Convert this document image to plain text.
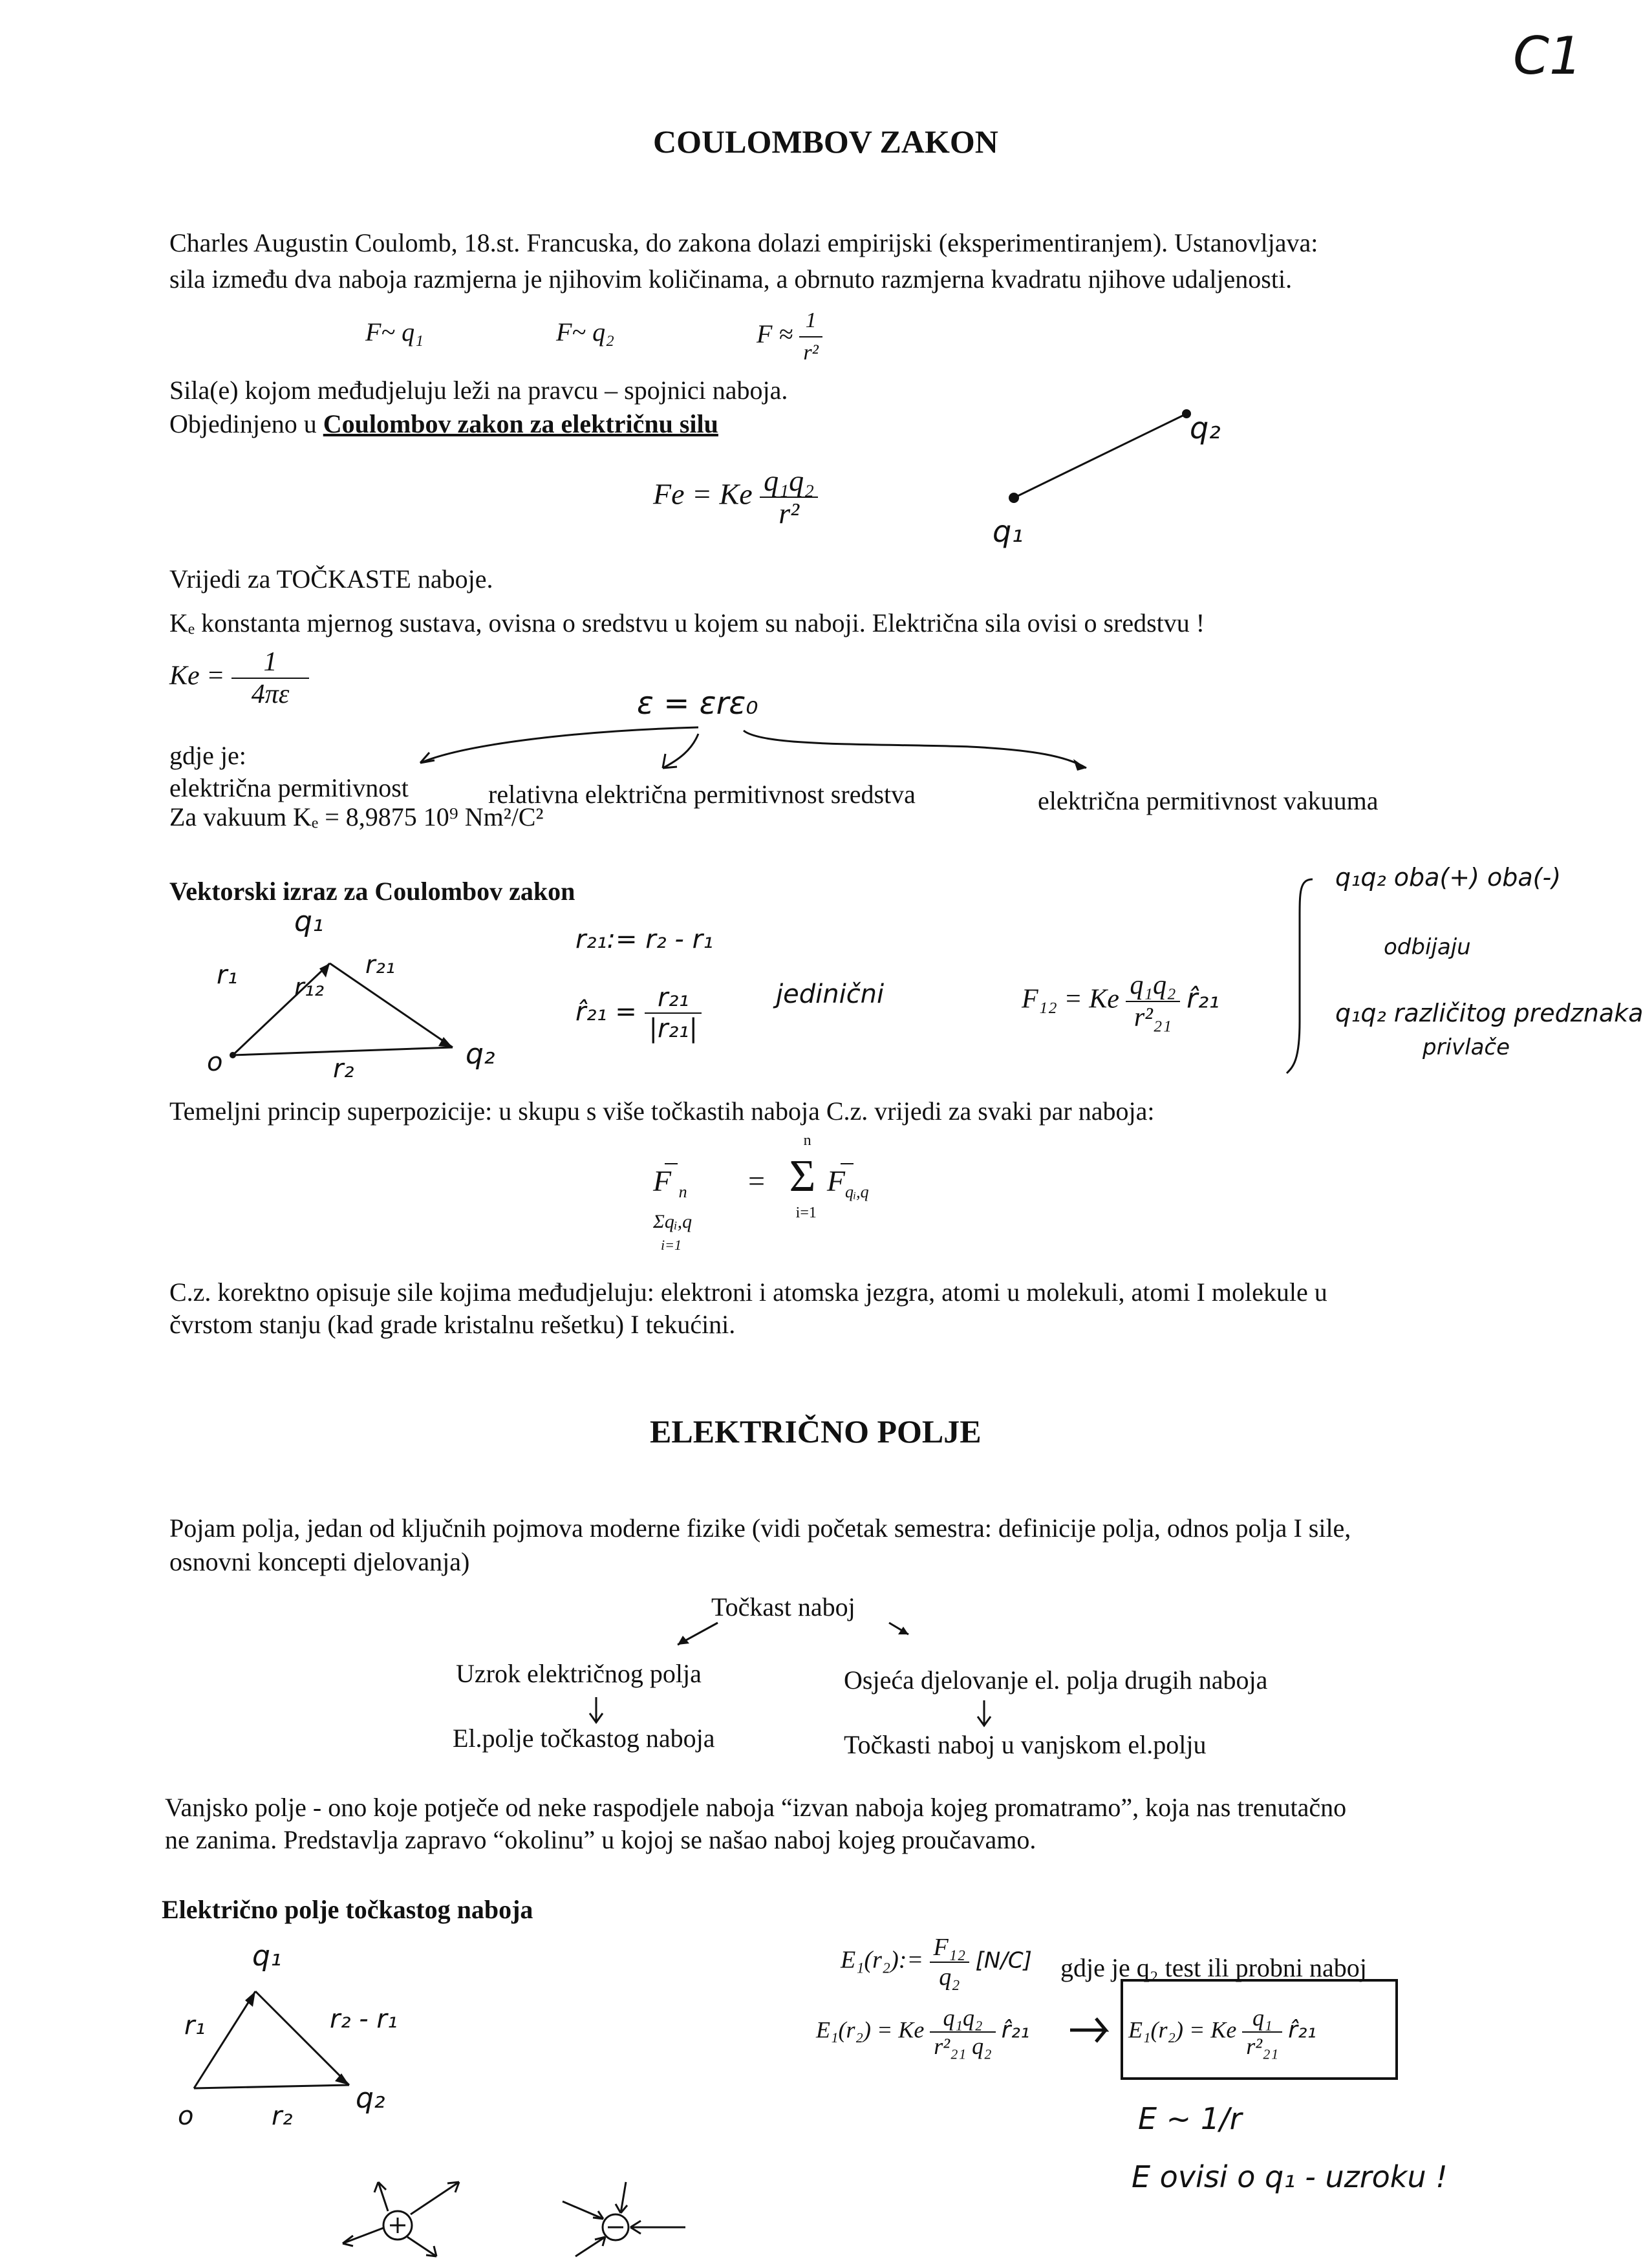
C1
COULOMBOV ZAKON
Charles Augustin Coulomb, 18.st. Francuska, do zakona dolazi empirijski (eksperimentiranjem). Ustanovljava:
sila između dva naboja razmjerna je njihovim količinama, a obrnuto razmjerna kvadratu njihove udaljenosti.
F~ q₁	F~ q₂	$F \approx \frac{1}{\text{r²}}$
Sila(e) kojom međudjeluju leži na pravcu – spojnici naboja.
Objedinjeno u Coulombov zakon za električnu silu
Fe = Ke $\frac{\text{q₁q₂}}{\text{r²}}$
q₂
q₁
Vrijedi za TOČKASTE naboje.
Kₑ konstanta mjernog sustava, ovisna o sredstvu u kojem su naboji. Električna sila ovisi o sredstvu !
$Ke = \frac{1}{4\pi\varepsilon}$	ε = εrε₀
gdje je:
električna permitivnost	relativna električna permitivnost sredstva	električna permitivnost vakuuma
Za vakuum Kₑ = 8,9875 10⁹ Nm²/C²
Vektorski izraz za Coulombov zakon
q₁
q₂
o
r₁
r₂
r₁₂
r₂₁
r₂₁:= r₂ - r₁
r̂₂₁ = $\frac{\text{r₂₁}}{\text{|r₂₁|}}$	jedinični	F₁₂ = Ke $\frac{\text{q₁q₂}}{\text{r²₂₁}}$ r̂₂₁
q₁q₂ oba(+) oba(-)
odbijaju
q₁q₂ različitog predznaka
privlače
Temeljni princip superpozicije: u skupu s više točkastih naboja C.z. vrijedi za svaki par naboja:
F $_n$
Σqᵢ,q
i=1
=
n
Σ
i=1
$F_{qᵢ,q}$
C.z. korektno opisuje sile kojima međudjeluju: elektroni i atomska jezgra, atomi u molekuli, atomi I molekule u
čvrstom stanju (kad grade kristalnu rešetku) I tekućini.
ELEKTRIČNO POLJE
Pojam polja, jedan od ključnih pojmova moderne fizike (vidi početak semestra: definicije polja, odnos polja I sile,
osnovni koncepti djelovanja)
Točkast naboj
Uzrok električnog polja	Osjeća djelovanje el. polja drugih naboja
El.polje točkastog naboja	Točkasti naboj u vanjskom el.polju
Vanjsko polje - ono koje potječe od neke raspodjele naboja “izvan naboja kojeg promatramo”, koja nas trenutačno
ne zanima. Predstavlja zapravo “okolinu” u kojoj se našao naboj kojeg proučavamo.
Električno polje točkastog naboja
q₁
q₂
o
r₁
r₂
r₂ - r₁
E₁(r₂):= $\frac{\text{F₁₂}}{\text{q₂}} [N/C]$ gdje je q₂ test ili probni naboj
E₁(r₂) = Ke $\frac{\text{q₁q₂}}{\text{r²₂₁ q₂}}$ r̂₂₁	E₁(r₂) = Ke $\frac{\text{q₁}}{\text{r²₂₁}}$ r̂₂₁
E ~ 1/r
E ovisi o q₁ - uzroku !
